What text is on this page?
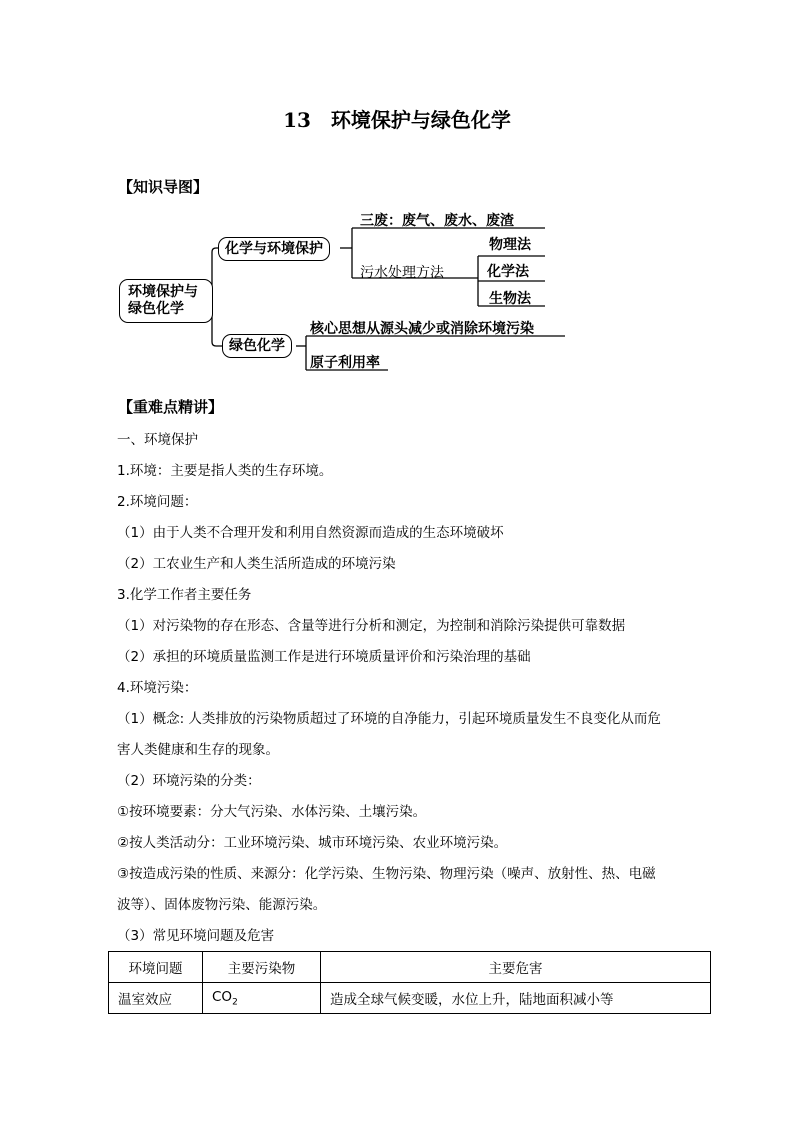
13　环境保护与绿色化学
【知识导图】
环境保护与
绿色化学
化学与环境保护
绿色化学
三废：废气、废水、废渣
污水处理方法
物理法
化学法
生物法
核心思想从源头减少或消除环境污染
原子利用率
【重难点精讲】
一、环境保护
1.环境：主要是指人类的生存环境。
2.环境问题：
（1）由于人类不合理开发和利用自然资源而造成的生态环境破坏
（2）工农业生产和人类生活所造成的环境污染
3.化学工作者主要任务
（1）对污染物的存在形态、含量等进行分析和测定，为控制和消除污染提供可靠数据
（2）承担的环境质量监测工作是进行环境质量评价和污染治理的基础
4.环境污染：
（1）概念: 人类排放的污染物质超过了环境的自净能力，引起环境质量发生不良变化从而危
害人类健康和生存的现象。
（2）环境污染的分类：
①按环境要素：分大气污染、水体污染、土壤污染。
②按人类活动分：工业环境污染、城市环境污染、农业环境污染。
③按造成污染的性质、来源分：化学污染、生物污染、物理污染（噪声、放射性、热、电磁
波等）、固体废物污染、能源污染。
（3）常见环境问题及危害
环境问题	主要污染物	主要危害
温室效应	$CO_2$	造成全球气候变暖，水位上升，陆地面积减小等
